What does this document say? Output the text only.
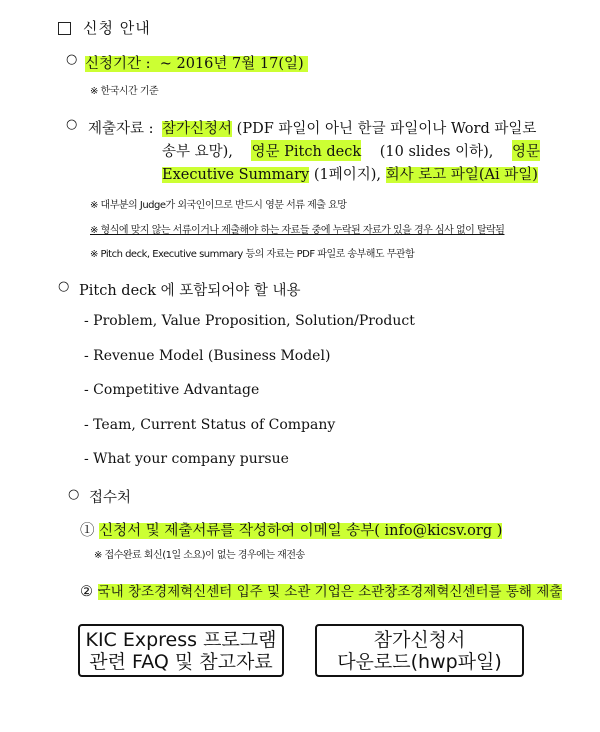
신청 안내
○ 신청기간 : ~ 2016년 7월 17(일)
※ 한국시간 기준
○ 제출자료 : 참가신청서 (PDF 파일이 아닌 한글 파일이나 Word 파일로
송부 요망), 영문 Pitch deck (10 slides 이하), 영문
Executive Summary (1페이지), 회사 로고 파일(Ai 파일)
※ 대부분의 Judge가 외국인이므로 반드시 영문 서류 제출 요망
※ 형식에 맞지 않는 서류이거나 제출해야 하는 자료들 중에 누락된 자료가 있을 경우 심사 없이 탈락됨
※ Pitch deck, Executive summary 등의 자료는 PDF 파일로 송부해도 무관함
○ Pitch deck 에 포함되어야 할 내용
- Problem, Value Proposition, Solution/Product
- Revenue Model (Business Model)
- Competitive Advantage
- Team, Current Status of Company
- What your company pursue
○ 접수처
① 신청서 및 제출서류를 작성하여 이메일 송부( info@kicsv.org )
※ 접수완료 회신(1일 소요)이 없는 경우에는 재전송
② 국내 창조경제혁신센터 입주 및 소관 기업은 소관창조경제혁신센터를 통해 제출
KIC Express 프로그램
관련 FAQ 및 참고자료
참가신청서
다운로드(hwp파일)
